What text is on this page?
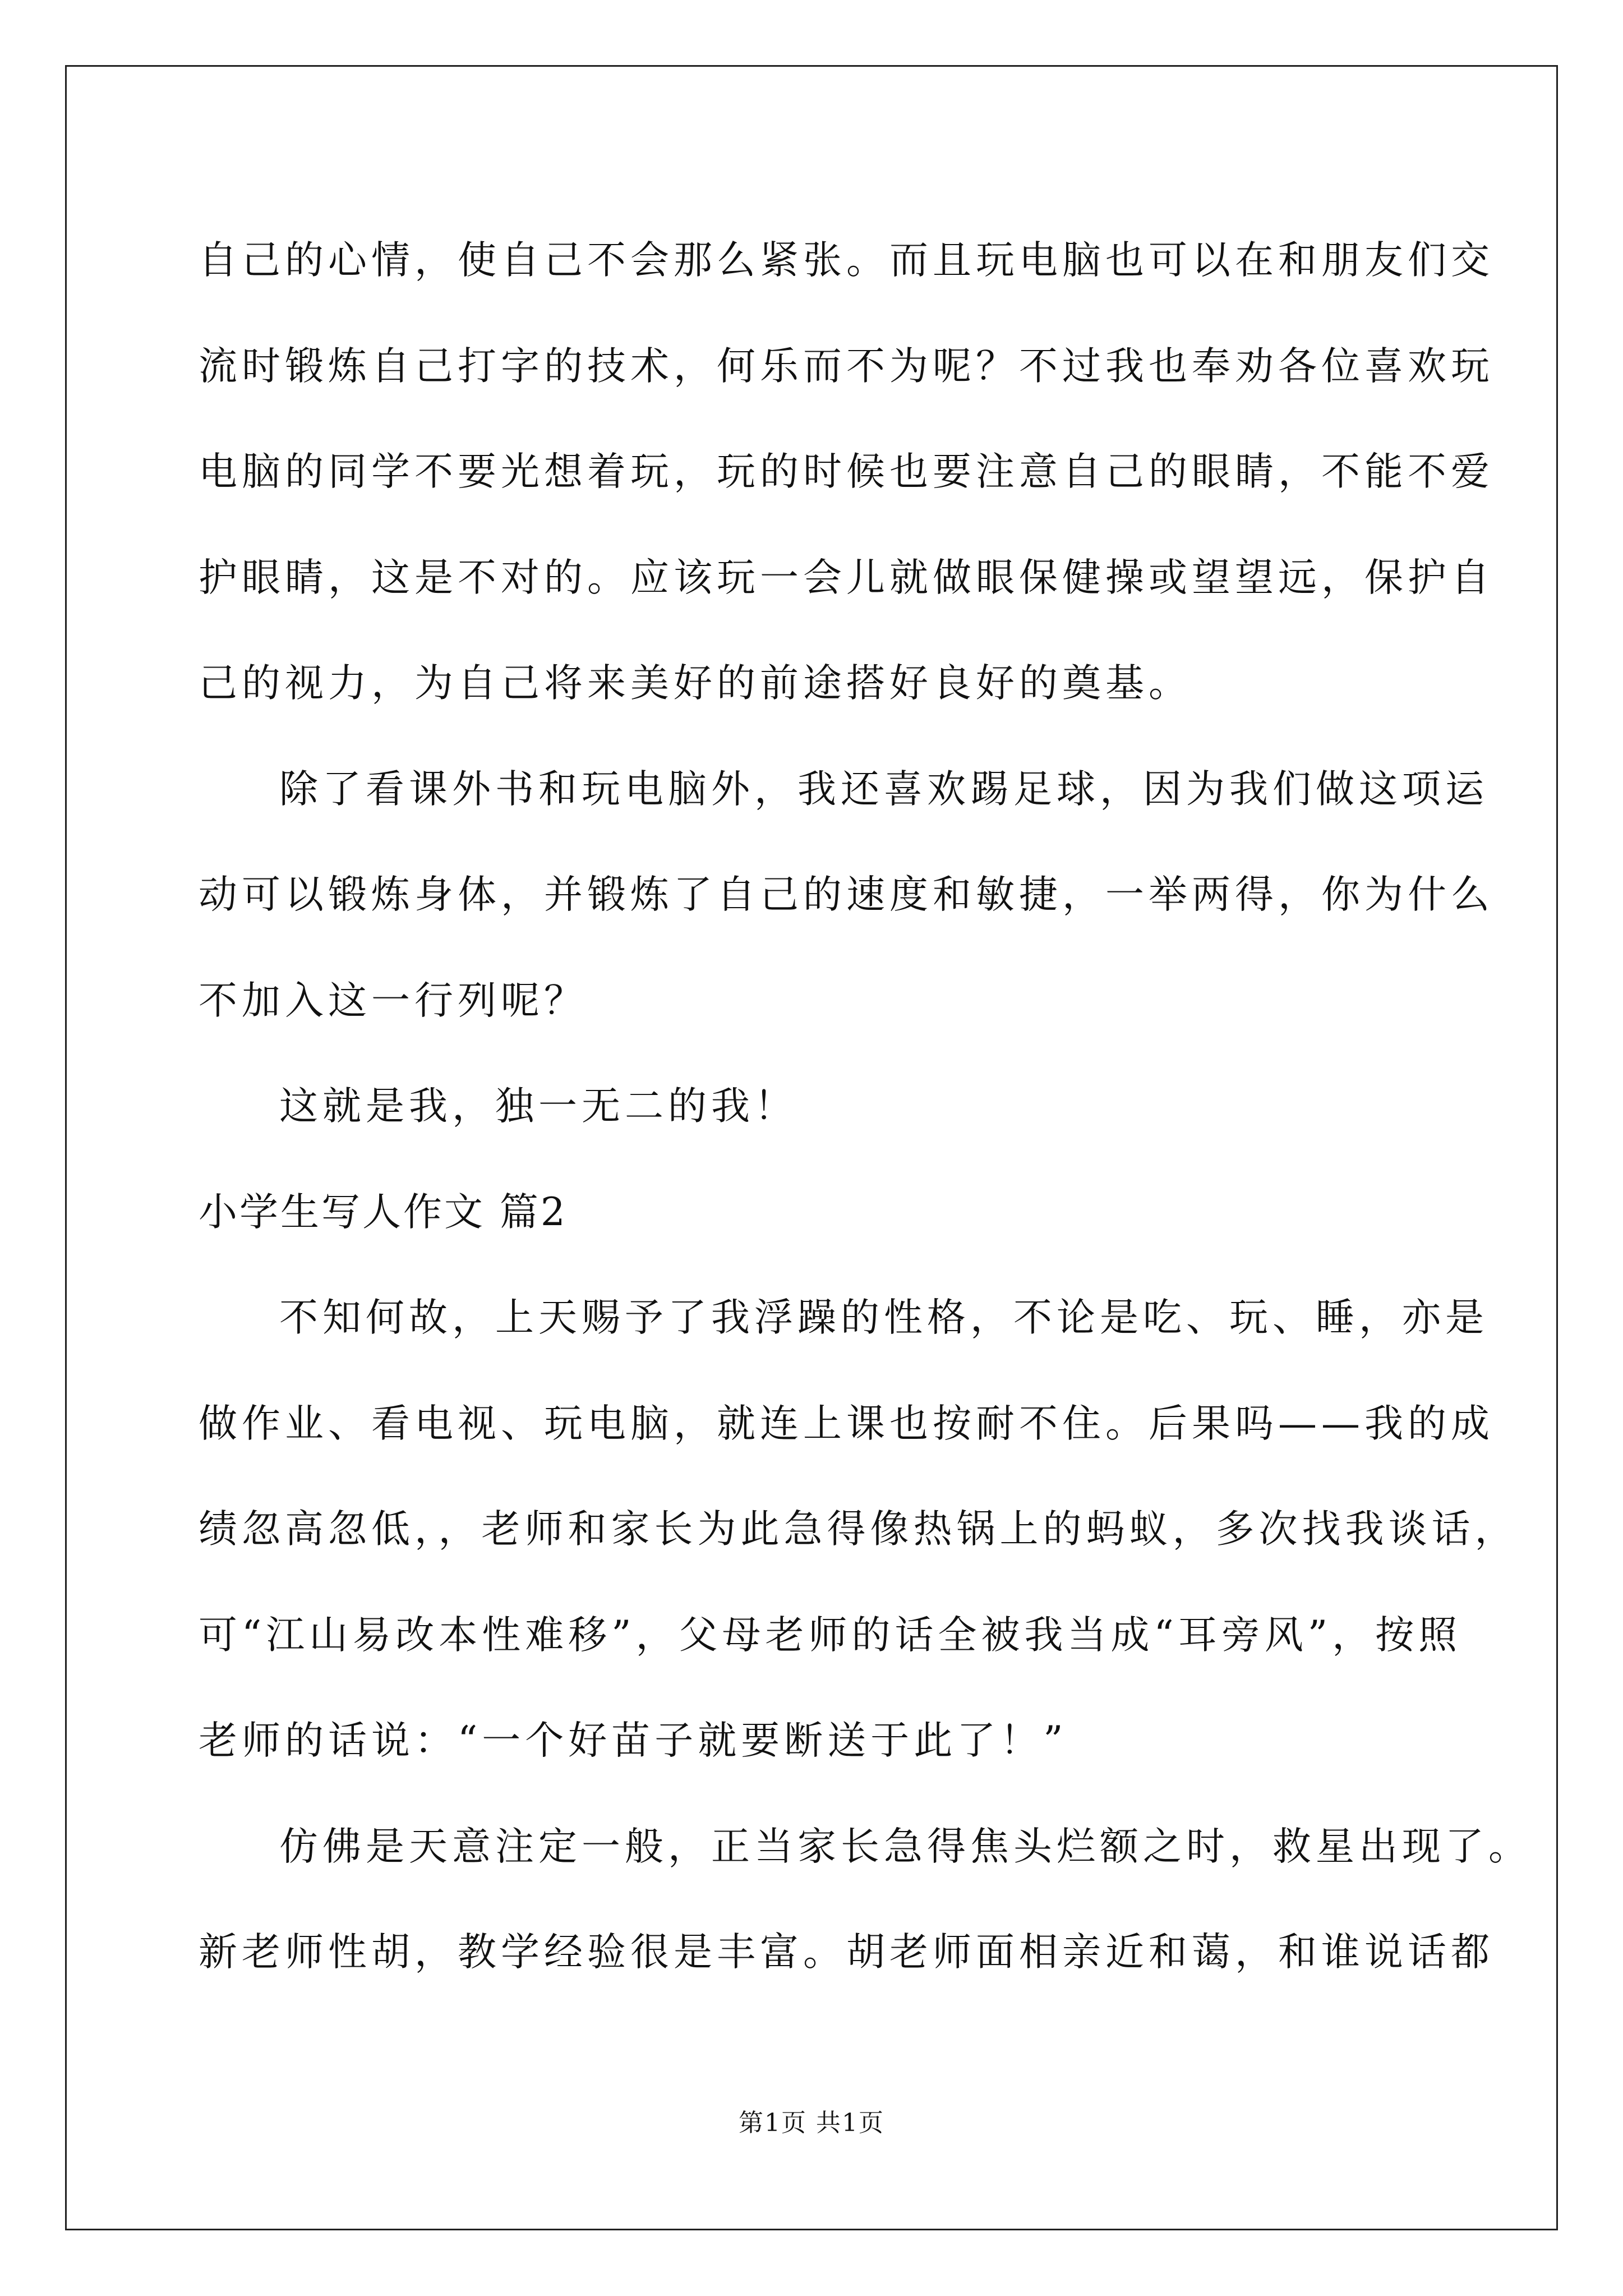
自己的心情，使自己不会那么紧张。而且玩电脑也可以在和朋友们交
流时锻炼自己打字的技术，何乐而不为呢？不过我也奉劝各位喜欢玩
电脑的同学不要光想着玩，玩的时候也要注意自己的眼睛，不能不爱
护眼睛，这是不对的。应该玩一会儿就做眼保健操或望望远，保护自
己的视力，为自己将来美好的前途搭好良好的奠基。
除了看课外书和玩电脑外，我还喜欢踢足球，因为我们做这项运
动可以锻炼身体，并锻炼了自己的速度和敏捷，一举两得，你为什么
不加入这一行列呢？
这就是我，独一无二的我！
小学生写人作文 篇2
不知何故，上天赐予了我浮躁的性格，不论是吃、玩、睡，亦是
做作业、看电视、玩电脑，就连上课也按耐不住。后果吗——我的成
绩忽高忽低，，老师和家长为此急得像热锅上的蚂蚁，多次找我谈话，
可“江山易改本性难移”，父母老师的话全被我当成“耳旁风”，按照
老师的话说：“一个好苗子就要断送于此了！”
仿佛是天意注定一般，正当家长急得焦头烂额之时，救星出现了。
新老师性胡，教学经验很是丰富。胡老师面相亲近和蔼，和谁说话都
第1页 共1页
